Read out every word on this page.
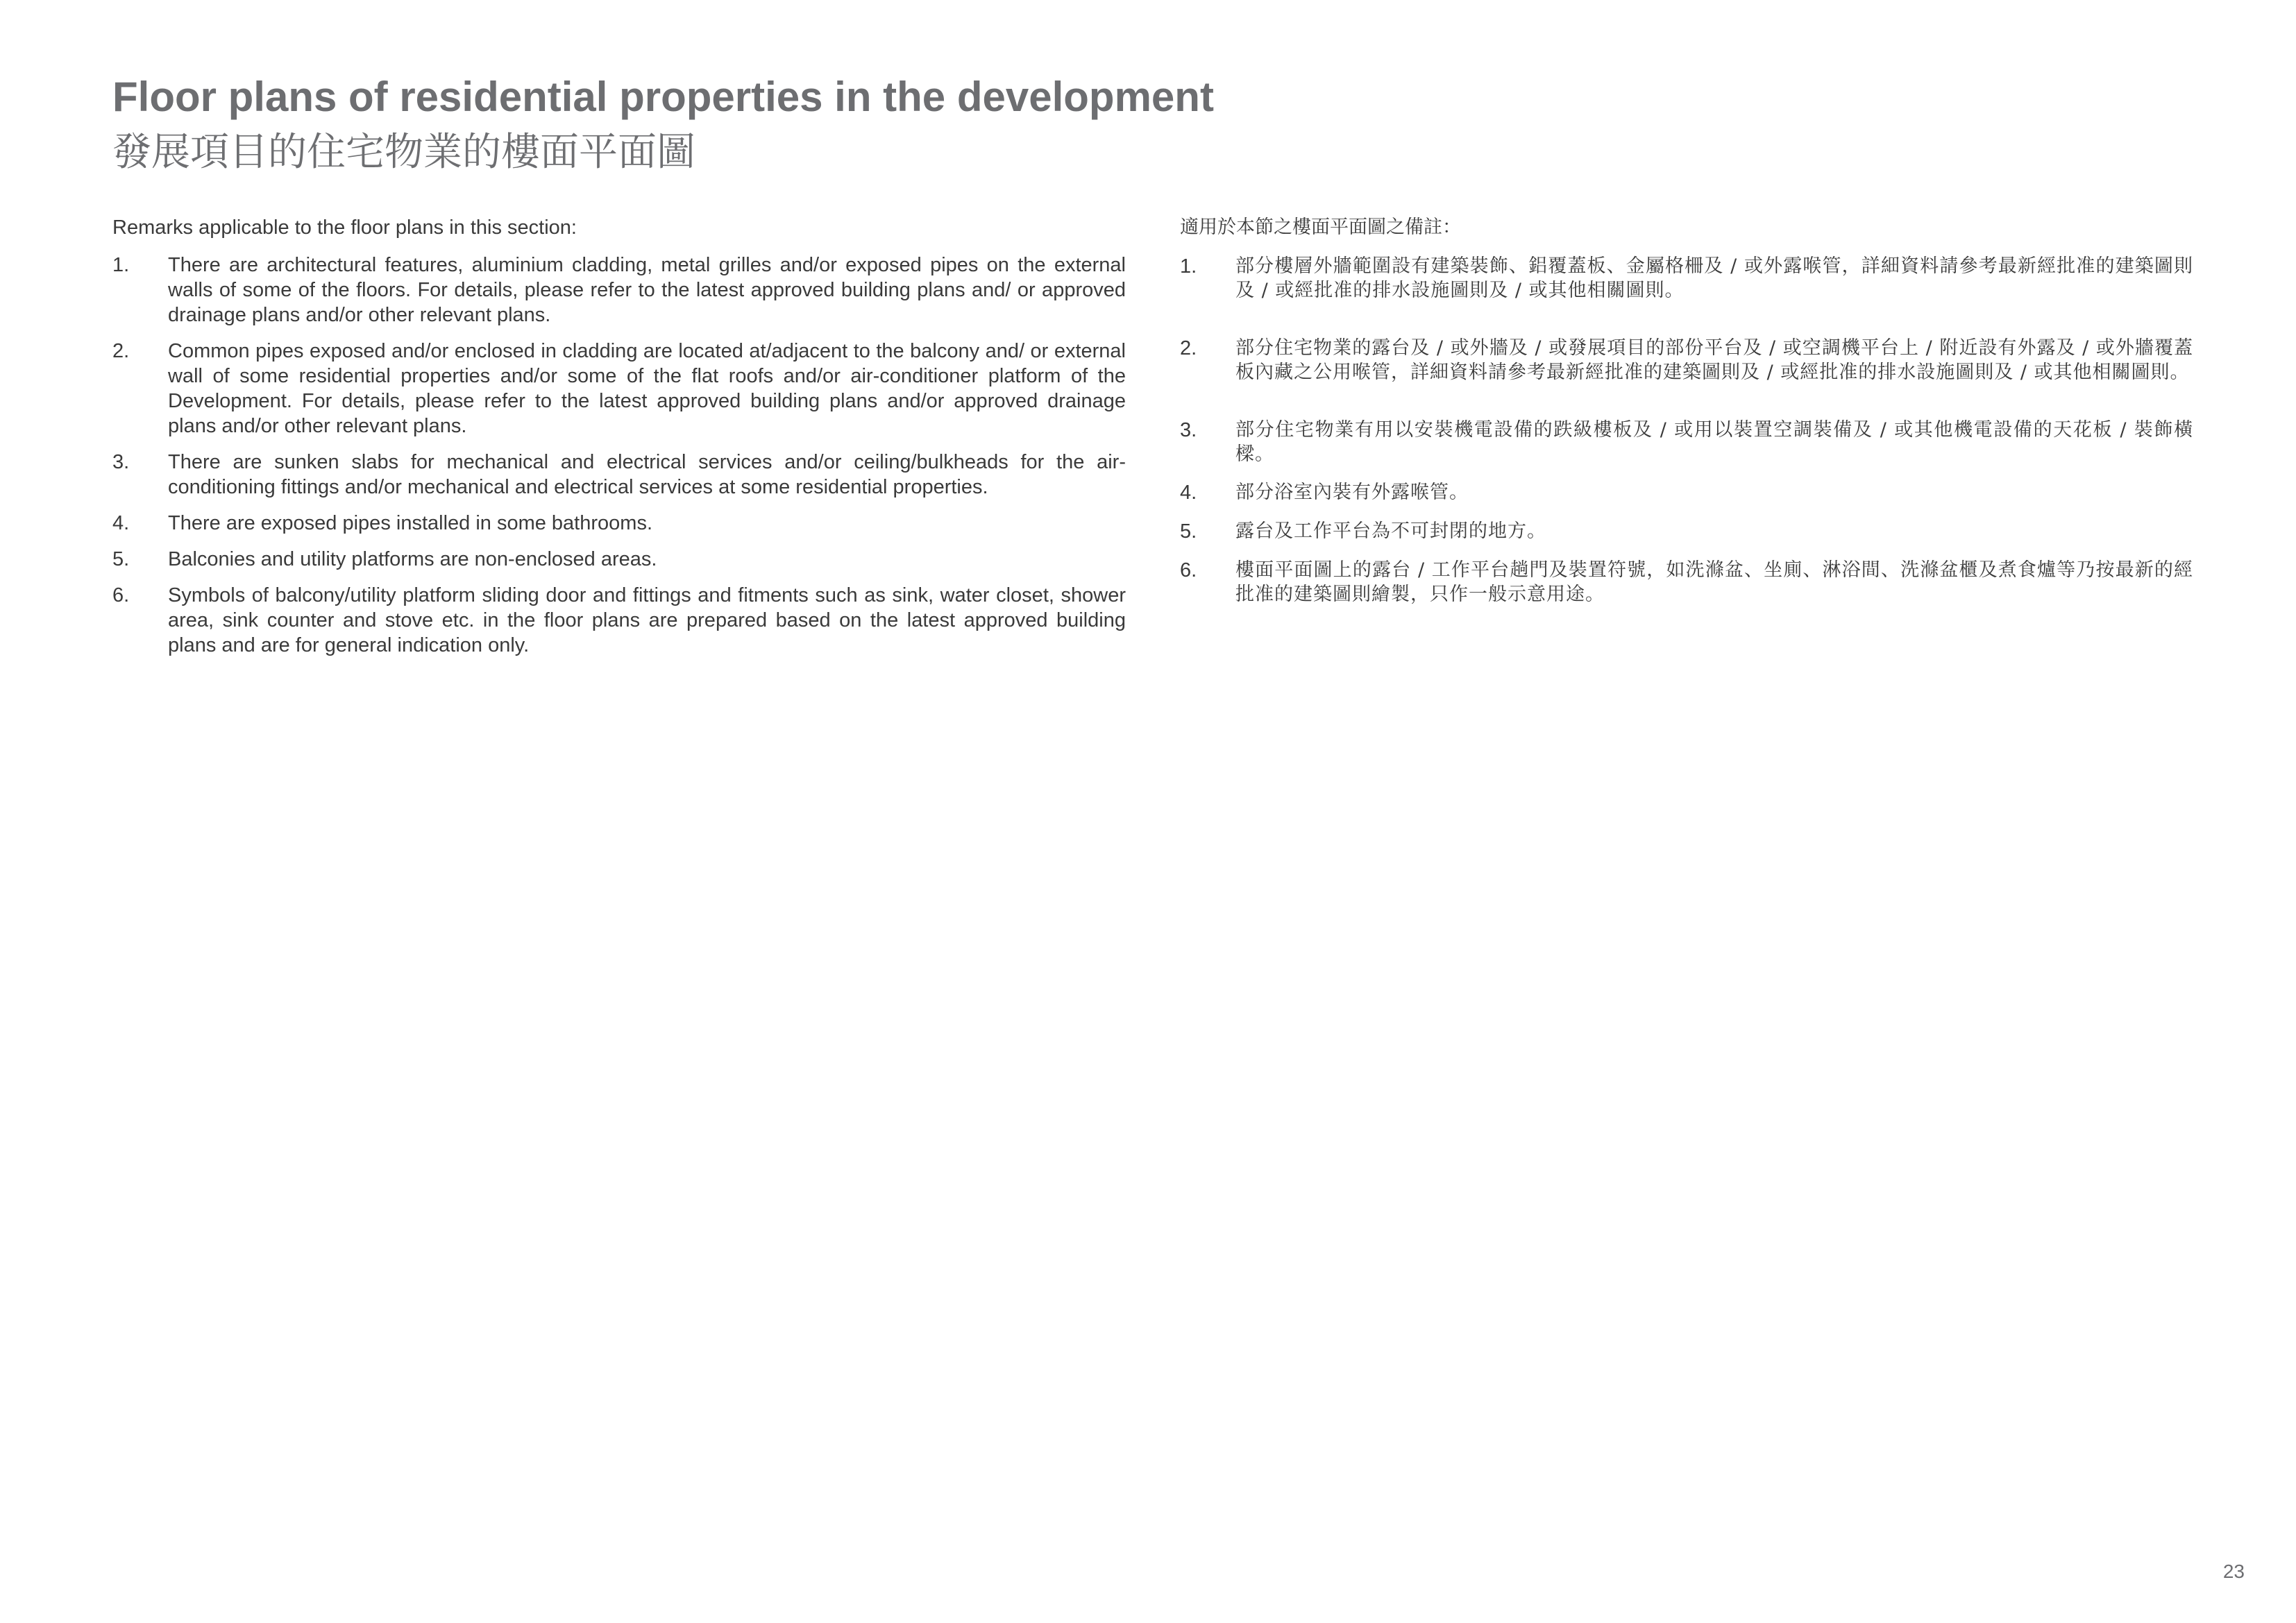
Floor plans of residential properties in the development
發展項目的住宅物業的樓面平面圖
Remarks applicable to the floor plans in this section:
1.	There are architectural features, aluminium cladding, metal grilles and/or exposed pipes on the external walls of some of the floors. For details, please refer to the latest approved building plans and/ or approved drainage plans and/or other relevant plans.
2.	Common pipes exposed and/or enclosed in cladding are located at/adjacent to the balcony and/ or external wall of some residential properties and/or some of the flat roofs and/or air-conditioner platform of the Development. For details, please refer to the latest approved building plans and/or approved drainage plans and/or other relevant plans.
3.	There are sunken slabs for mechanical and electrical services and/or ceiling/bulkheads for the air-conditioning fittings and/or mechanical and electrical services at some residential properties.
4.	There are exposed pipes installed in some bathrooms.
5.	Balconies and utility platforms are non-enclosed areas.
6.	Symbols of balcony/utility platform sliding door and fittings and fitments such as sink, water closet, shower area, sink counter and stove etc. in the floor plans are prepared based on the latest approved building plans and are for general indication only.
適用於本節之樓面平面圖之備註：
1.	部分樓層外牆範圍設有建築裝飾、鋁覆蓋板、金屬格柵及 / 或外露喉管，詳細資料請參考最新經批准的建築圖則及 / 或經批准的排水設施圖則及 / 或其他相關圖則。
2.	部分住宅物業的露台及 / 或外牆及 / 或發展項目的部份平台及 / 或空調機平台上 / 附近設有外露及 / 或外牆覆蓋板內藏之公用喉管，詳細資料請參考最新經批准的建築圖則及 / 或經批准的排水設施圖則及 / 或其他相關圖則。
3.	部分住宅物業有用以安裝機電設備的跌級樓板及 / 或用以裝置空調裝備及 / 或其他機電設備的天花板 / 裝飾橫樑。
4.	部分浴室內裝有外露喉管。
5.	露台及工作平台為不可封閉的地方。
6.	樓面平面圖上的露台 / 工作平台趟門及裝置符號，如洗滌盆、坐廁、淋浴間、洗滌盆櫃及煮食爐等乃按最新的經批准的建築圖則繪製，只作一般示意用途。
23
